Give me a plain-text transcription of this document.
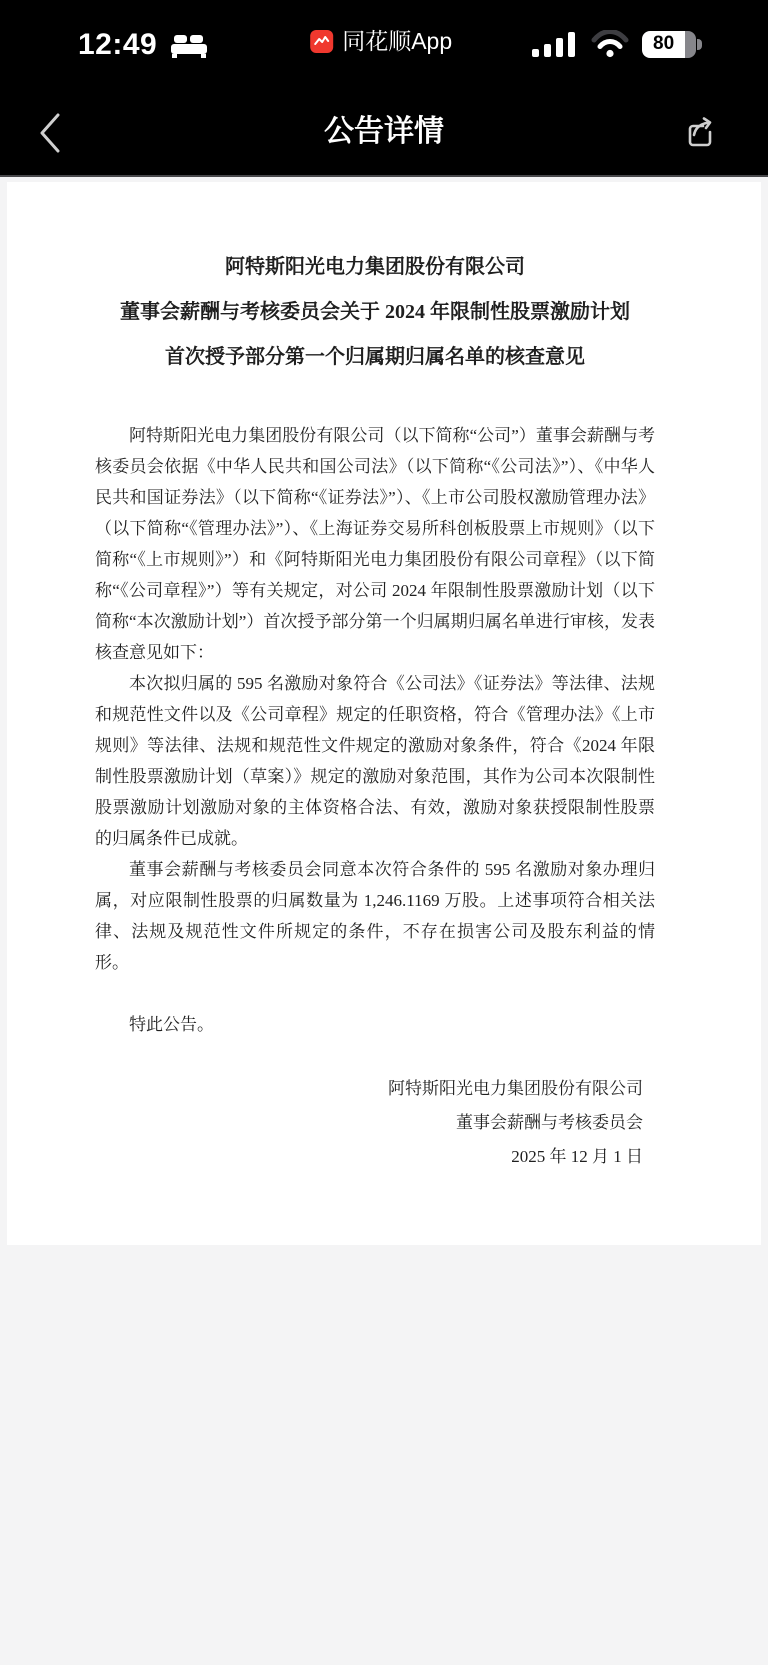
12:49	同花顺App	80
公告详情
阿特斯阳光电力集团股份有限公司
董事会薪酬与考核委员会关于 2024 年限制性股票激励计划
首次授予部分第一个归属期归属名单的核查意见

阿特斯阳光电力集团股份有限公司（以下简称“公司”）董事会薪酬与考核委员会依据《中华人民共和国公司法》（以下简称“《公司法》”）、《中华人民共和国证券法》（以下简称“《证券法》”）、《上市公司股权激励管理办法》（以下简称“《管理办法》”）、《上海证券交易所科创板股票上市规则》（以下简称“《上市规则》”）和《阿特斯阳光电力集团股份有限公司章程》（以下简称“《公司章程》”）等有关规定，对公司 2024 年限制性股票激励计划（以下简称“本次激励计划”）首次授予部分第一个归属期归属名单进行审核，发表核查意见如下：

本次拟归属的 595 名激励对象符合《公司法》《证券法》等法律、法规和规范性文件以及《公司章程》规定的任职资格，符合《管理办法》《上市规则》等法律、法规和规范性文件规定的激励对象条件，符合《2024 年限制性股票激励计划（草案）》规定的激励对象范围，其作为公司本次限制性股票激励计划激励对象的主体资格合法、有效，激励对象获授限制性股票的归属条件已成就。

董事会薪酬与考核委员会同意本次符合条件的 595 名激励对象办理归属，对应限制性股票的归属数量为 1,246.1169 万股。上述事项符合相关法律、法规及规范性文件所规定的条件，不存在损害公司及股东利益的情形。

特此公告。

阿特斯阳光电力集团股份有限公司
董事会薪酬与考核委员会
2025 年 12 月 1 日
